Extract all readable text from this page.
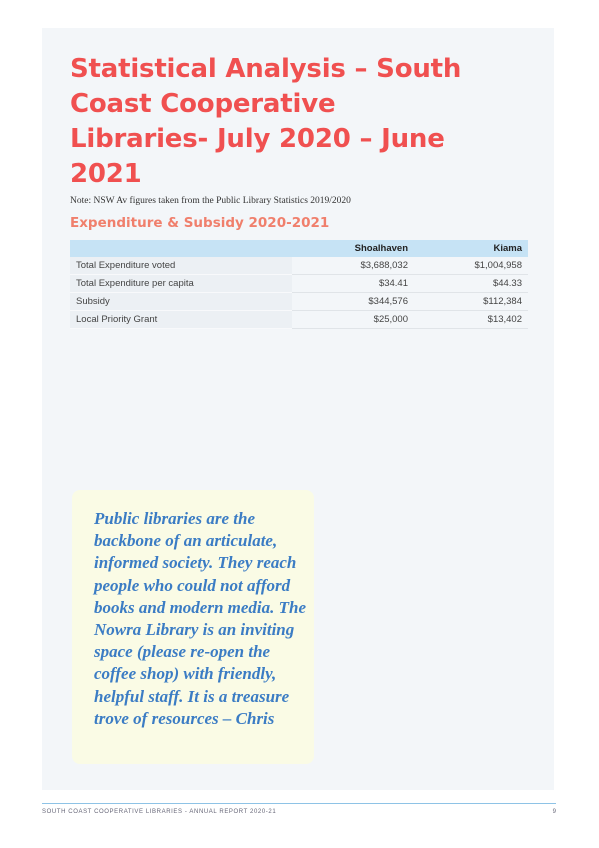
Statistical Analysis – South Coast Cooperative Libraries- July 2020 – June 2021
Note: NSW Av figures taken from the Public Library Statistics 2019/2020
Expenditure & Subsidy 2020-2021
	Shoalhaven	Kiama
Total Expenditure voted	$3,688,032	$1,004,958
Total Expenditure per capita	$34.41	$44.33
Subsidy	$344,576	$112,384
Local Priority Grant	$25,000	$13,402

Public libraries are the backbone of an articulate, informed society. They reach people who could not afford books and modern media. The Nowra Library is an inviting space (please re-open the coffee shop) with friendly, helpful staff. It is a treasure trove of resources – Chris

SOUTH COAST COOPERATIVE LIBRARIES - ANNUAL REPORT 2020-21	9
